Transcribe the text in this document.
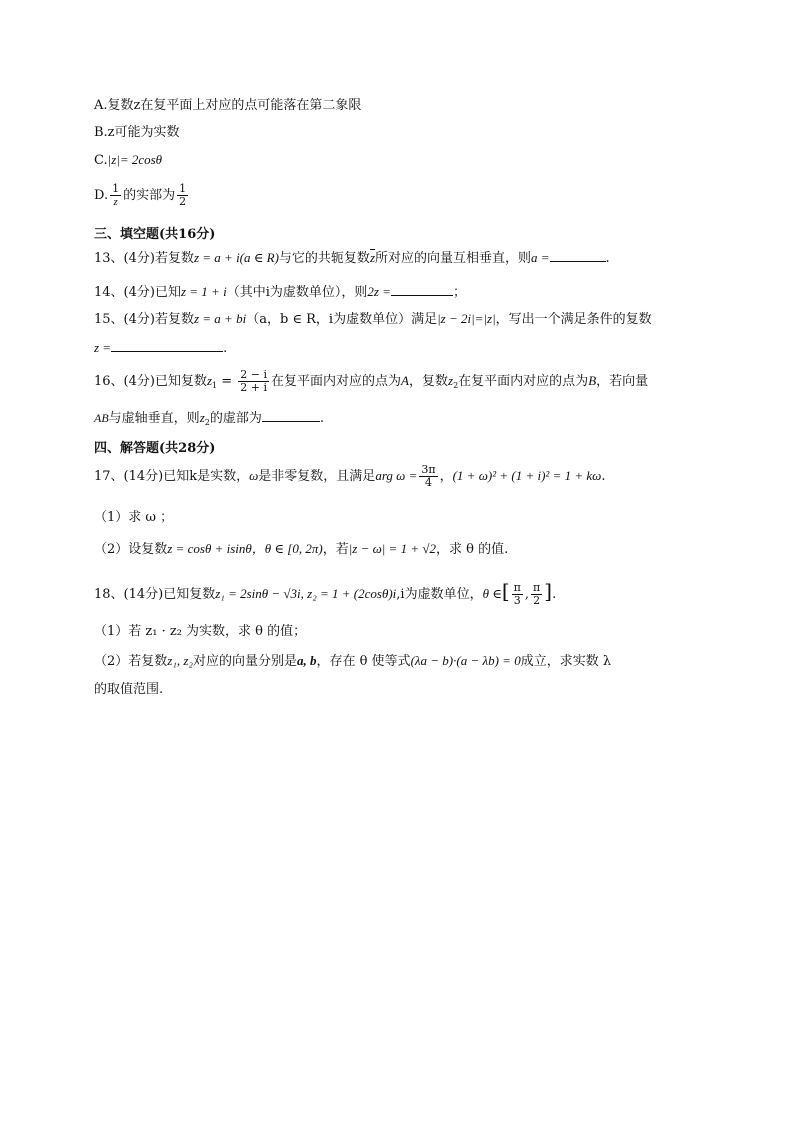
A.复数z在复平面上对应的点可能落在第二象限
B.z可能为实数
C.|z|= 2cosθ
D. $\frac{1}{z}$ 的实部为 $\frac{1}{2}$
三、填空题(共16分)
13、(4分)若复数z = a + i(a ∈ R)与它的共轭复数$\overline{z}$所对应的向量互相垂直，则a =	.
14、(4分)已知z = 1 + i（其中i为虚数单位），则2z =	；
15、(4分)若复数z = a + bi（a，b ∈ R，i为虚数单位）满足|z − 2i|=|z|，写出一个满足条件的复数
z =	.
16、(4分)已知复数$z_1 = \frac{2 - i}{2 + i}$ 在复平面内对应的点为A，复数$z_2$在复平面内对应的点为B，若向量
AB与虚轴垂直，则$z_2$的虚部为	.
四、解答题(共28分)
17、(14分)已知k是实数，ω是非零复数，且满足arg $\omega = \frac{3\pi}{4}$ ，(1 + ω)² + (1 + i)² = 1 + kω.
（1）求 ω ；
（2）设复数z = cosθ + isinθ，θ ∈ [0, 2π)，若|z − ω| = 1 + √2，求 θ 的值.
18、(14分)已知复数z₁ = 2sinθ − √3i, z₂ = 1 + (2cosθ)i,i为虚数单位，θ ∈[ $\frac{\pi}{3}$ , $\frac{\pi}{2}$ ].
（1）若 z₁ · z₂ 为实数，求 θ 的值；
（2）若复数z₁, z₂对应的向量分别是a, b，存在 θ 使等式(λa − b)·(a − λb) = 0成立，求实数 λ
的取值范围.
